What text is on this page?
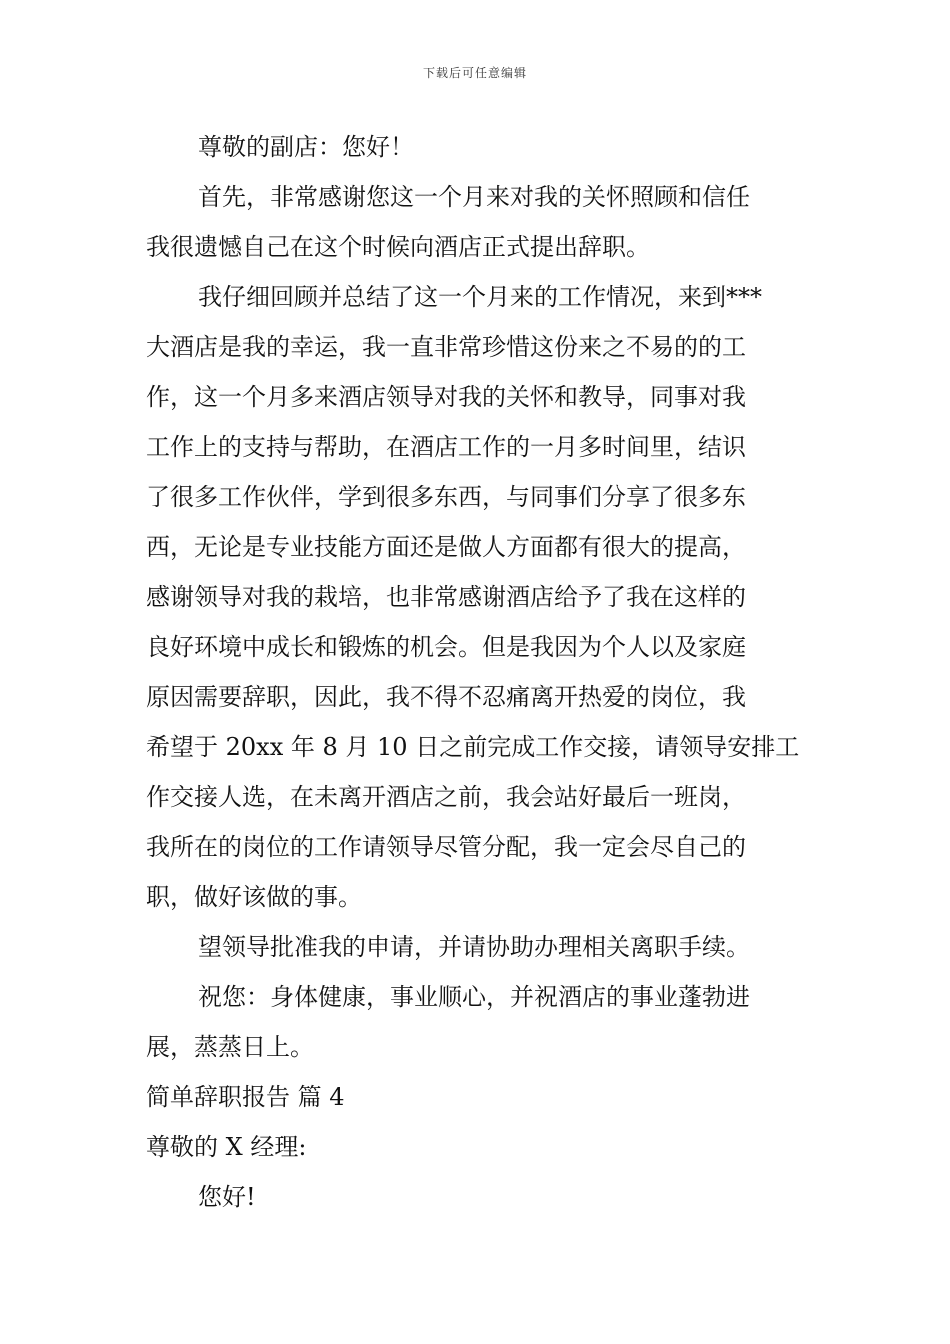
下载后可任意编辑

尊敬的副店：您好！

首先，非常感谢您这一个月来对我的关怀照顾和信任

我很遗憾自己在这个时候向酒店正式提出辞职。

我仔细回顾并总结了这一个月来的工作情况，来到***

大酒店是我的幸运，我一直非常珍惜这份来之不易的的工
作，这一个月多来酒店领导对我的关怀和教导，同事对我
工作上的支持与帮助，在酒店工作的一月多时间里，结识
了很多工作伙伴，学到很多东西，与同事们分享了很多东
西，无论是专业技能方面还是做人方面都有很大的提高，
感谢领导对我的栽培，也非常感谢酒店给予了我在这样的
良好环境中成长和锻炼的机会。但是我因为个人以及家庭
原因需要辞职，因此，我不得不忍痛离开热爱的岗位，我
希望于 20xx 年 8 月 10 日之前完成工作交接，请领导安排工
作交接人选，在未离开酒店之前，我会站好最后一班岗，
我所在的岗位的工作请领导尽管分配，我一定会尽自己的
职，做好该做的事。

望领导批准我的申请，并请协助办理相关离职手续。

祝您：身体健康，事业顺心，并祝酒店的事业蓬勃进

展，蒸蒸日上。

简单辞职报告 篇 4

尊敬的 X 经理:

您好!
